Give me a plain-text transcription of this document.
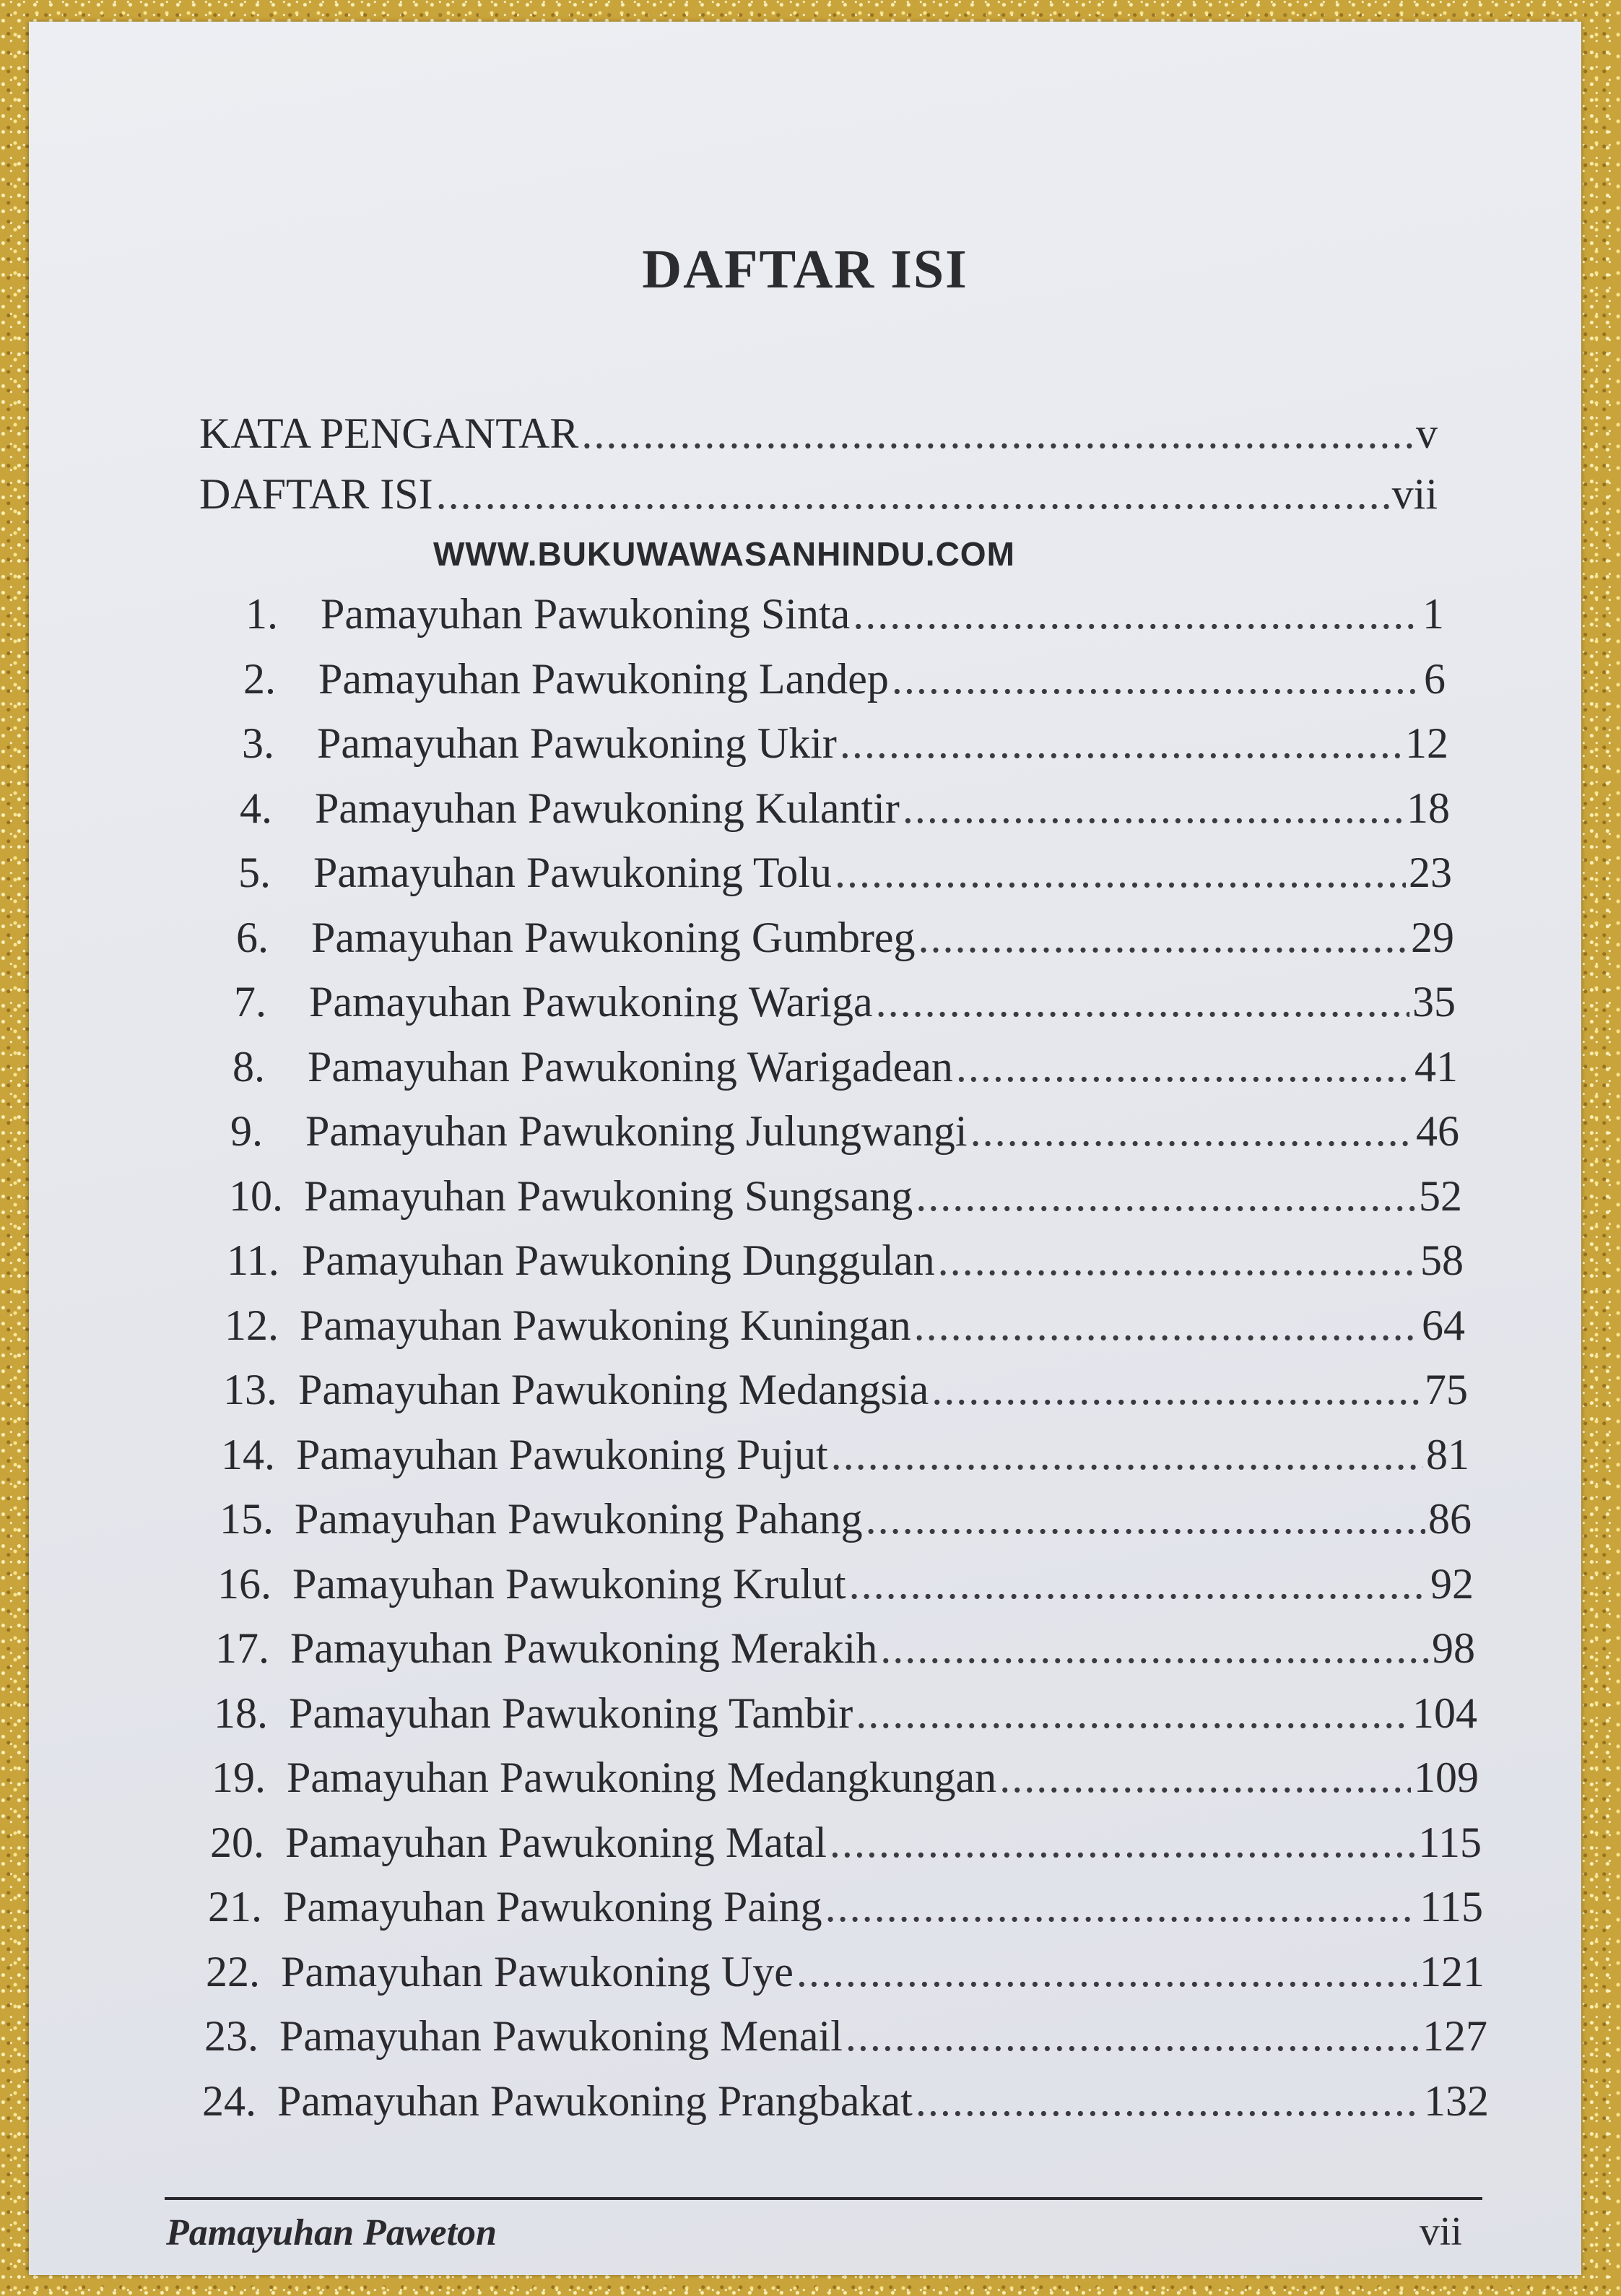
DAFTAR ISI
KATA PENGANTAR .....	v
DAFTAR ISI .....	vii
WWW.BUKUWAWASANHINDU.COM
1. Pamayuhan Pawukoning Sinta .....	1
2. Pamayuhan Pawukoning Landep .....	6
3. Pamayuhan Pawukoning Ukir .....	12
4. Pamayuhan Pawukoning Kulantir .....	18
5. Pamayuhan Pawukoning Tolu .....	23
6. Pamayuhan Pawukoning Gumbreg .....	29
7. Pamayuhan Pawukoning Wariga .....	35
8. Pamayuhan Pawukoning Warigadean .....	41
9. Pamayuhan Pawukoning Julungwangi .....	46
10. Pamayuhan Pawukoning Sungsang .....	52
11. Pamayuhan Pawukoning Dunggulan .....	58
12. Pamayuhan Pawukoning Kuningan .....	64
13. Pamayuhan Pawukoning Medangsia .....	75
14. Pamayuhan Pawukoning Pujut .....	81
15. Pamayuhan Pawukoning Pahang .....	86
16. Pamayuhan Pawukoning Krulut .....	92
17. Pamayuhan Pawukoning Merakih .....	98
18. Pamayuhan Pawukoning Tambir .....	104
19. Pamayuhan Pawukoning Medangkungan .....	109
20. Pamayuhan Pawukoning Matal .....	115
21. Pamayuhan Pawukoning Paing .....	115
22. Pamayuhan Pawukoning Uye .....	121
23. Pamayuhan Pawukoning Menail .....	127
24. Pamayuhan Pawukoning Prangbakat .....	132
Pamayuhan Paweton	vii
